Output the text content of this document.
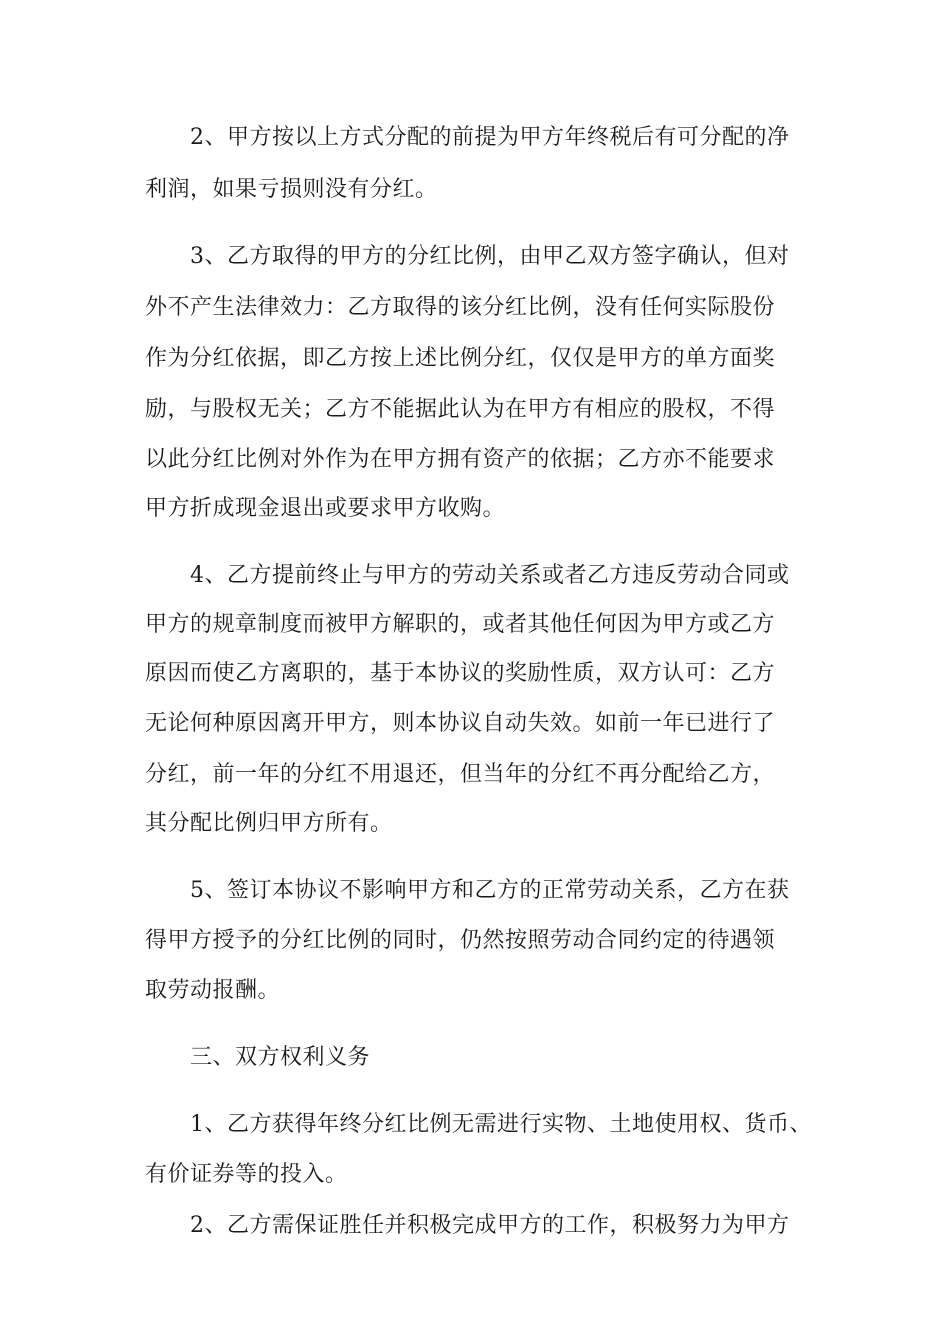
2、甲方按以上方式分配的前提为甲方年终税后有可分配的净
利润，如果亏损则没有分红。
3、乙方取得的甲方的分红比例，由甲乙双方签字确认，但对
外不产生法律效力：乙方取得的该分红比例，没有任何实际股份
作为分红依据，即乙方按上述比例分红，仅仅是甲方的单方面奖
励，与股权无关；乙方不能据此认为在甲方有相应的股权，不得
以此分红比例对外作为在甲方拥有资产的依据；乙方亦不能要求
甲方折成现金退出或要求甲方收购。
4、乙方提前终止与甲方的劳动关系或者乙方违反劳动合同或
甲方的规章制度而被甲方解职的，或者其他任何因为甲方或乙方
原因而使乙方离职的，基于本协议的奖励性质，双方认可：乙方
无论何种原因离开甲方，则本协议自动失效。如前一年已进行了
分红，前一年的分红不用退还，但当年的分红不再分配给乙方，
其分配比例归甲方所有。
5、签订本协议不影响甲方和乙方的正常劳动关系，乙方在获
得甲方授予的分红比例的同时，仍然按照劳动合同约定的待遇领
取劳动报酬。
三、双方权利义务
1、乙方获得年终分红比例无需进行实物、土地使用权、货币、
有价证券等的投入。
2、乙方需保证胜任并积极完成甲方的工作，积极努力为甲方
